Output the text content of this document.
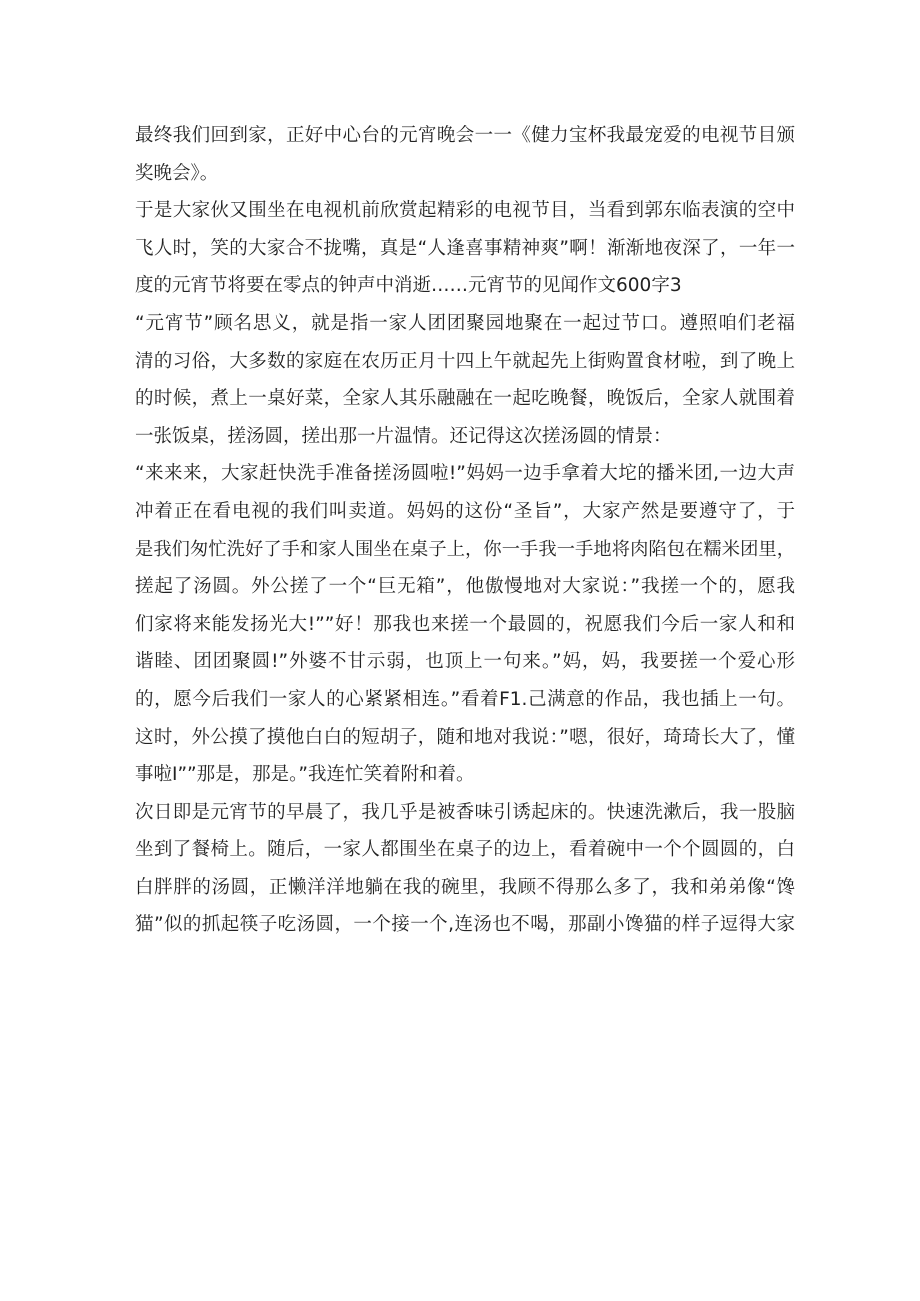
最终我们回到家，正好中心台的元宵晚会一一《健力宝杯我最宠爱的电视节目颁
奖晚会》。
于是大家伙又围坐在电视机前欣赏起精彩的电视节目，当看到郭东临表演的空中
飞人时，笑的大家合不拢嘴，真是“人逢喜事精神爽”啊！渐渐地夜深了，一年一
度的元宵节将要在零点的钟声中消逝……元宵节的见闻作文600字3
“元宵节”顾名思义，就是指一家人团团聚园地聚在一起过节口。遵照咱们老福
清的习俗，大多数的家庭在农历正月十四上午就起先上街购置食材啦，到了晚上
的时候，煮上一桌好菜，全家人其乐融融在一起吃晚餐，晚饭后，全家人就围着
一张饭桌，搓汤圆，搓出那一片温情。还记得这次搓汤圆的情景：
“来来来，大家赶快洗手准备搓汤圆啦!”妈妈一边手拿着大坨的播米团,一边大声
冲着正在看电视的我们叫卖道。妈妈的这份“圣旨”，大家产然是要遵守了，于
是我们匆忙洗好了手和家人围坐在桌子上，你一手我一手地将肉陷包在糯米团里，
搓起了汤圆。外公搓了一个“巨无箱”，他傲慢地对大家说：”我搓一个的，愿我
们家将来能发扬光大!””好！那我也来搓一个最圆的，祝愿我们今后一家人和和
谐睦、团团聚圆!”外婆不甘示弱，也顶上一句来。”妈，妈，我要搓一个爱心形
的，愿今后我们一家人的心紧紧相连。”看着F1.己满意的作品，我也插上一句。
这时，外公摸了摸他白白的短胡子，随和地对我说：”嗯，很好，琦琦长大了，懂
事啦I””那是，那是。”我连忙笑着附和着。
次日即是元宵节的早晨了，我几乎是被香味引诱起床的。快速洗漱后，我一股脑
坐到了餐椅上。随后，一家人都围坐在桌子的边上，看着碗中一个个圆圆的，白
白胖胖的汤圆，正懒洋洋地躺在我的碗里，我顾不得那么多了，我和弟弟像“馋
猫”似的抓起筷子吃汤圆，一个接一个,连汤也不喝，那副小馋猫的样子逗得大家
